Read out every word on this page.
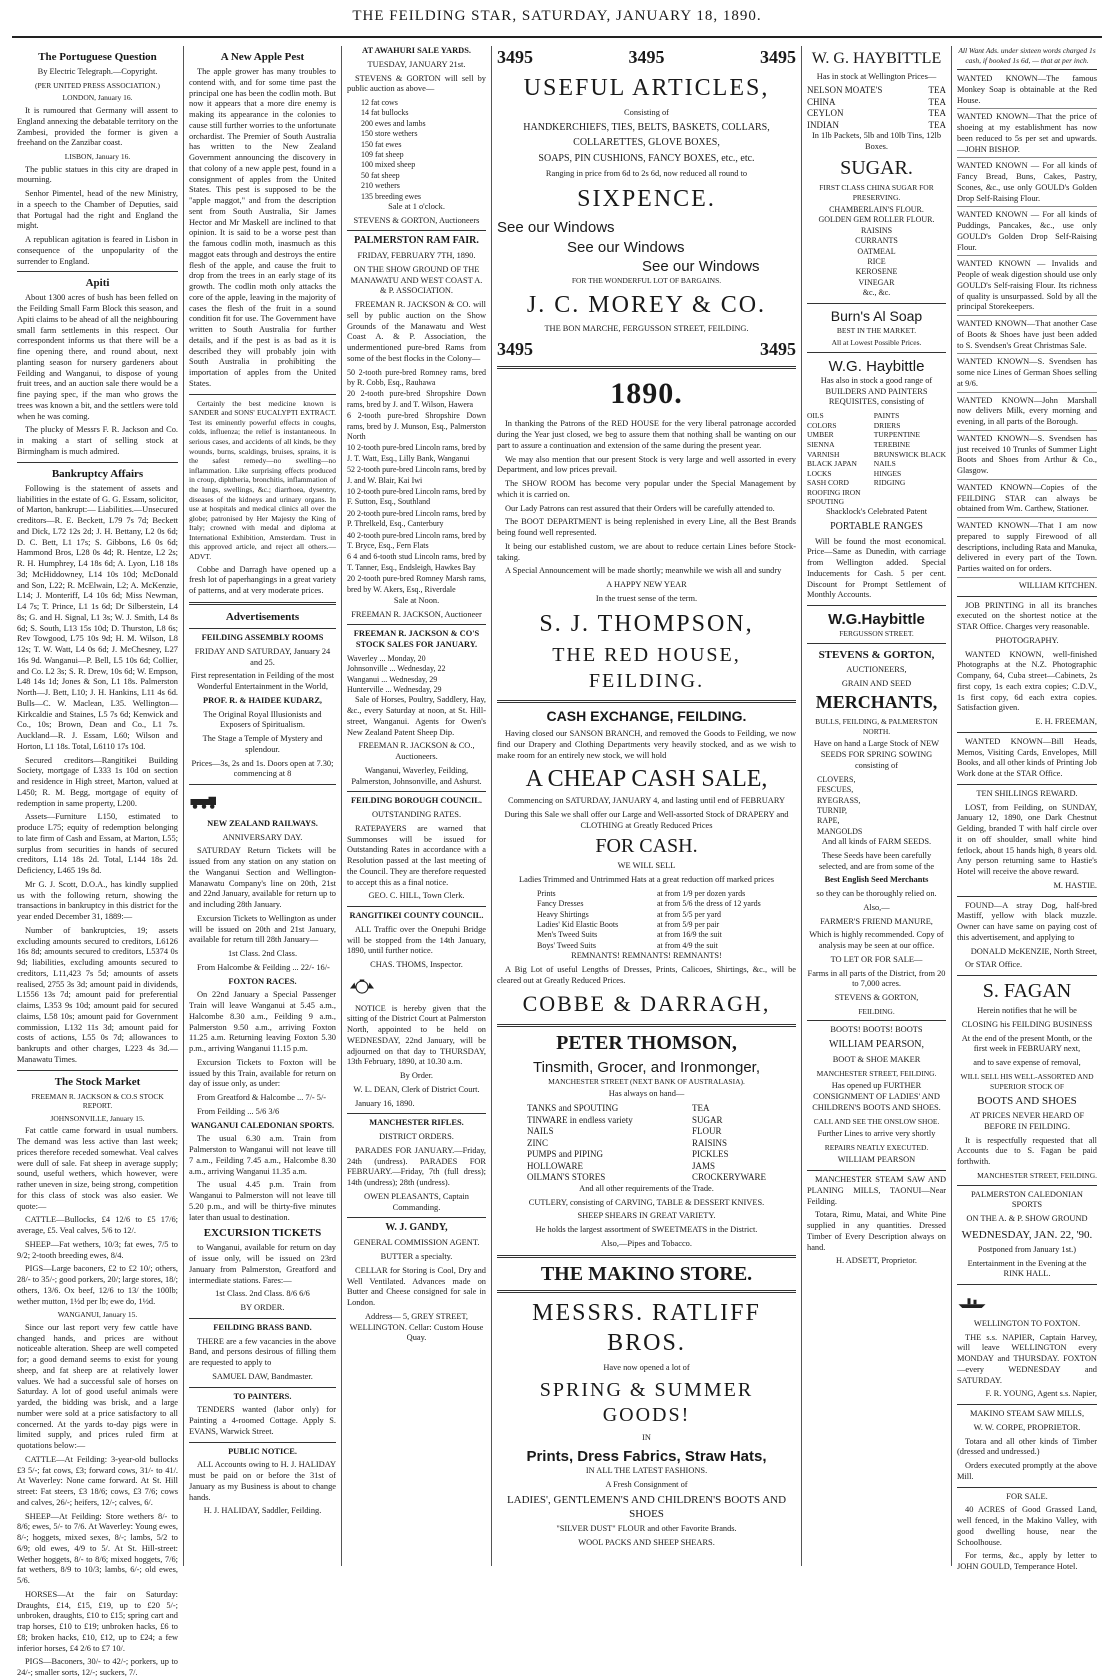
THE FEILDING STAR, SATURDAY, JANUARY 18, 1890.
The Portuguese Question

By Electric Telegraph.—Copyright.

(PER UNITED PRESS ASSOCIATION.)

LONDON, January 16.

It is rumoured that Germany will assent to England annexing the debatable territory on the Zambesi, provided the former is given a freehand on the Zanzibar coast.

LISBON, January 16.

The public statues in this city are draped in mourning.

Senhor Pimentel, head of the new Ministry, in a speech to the Chamber of Deputies, said that Portugal had the right and England the might.

A republican agitation is feared in Lisbon in consequence of the unpopularity of the surrender to England.

Apiti

About 1300 acres of bush has been felled on the Feilding Small Farm Block this season, and Apiti claims to be ahead of all the neighbouring small farm settlements in this respect. Our correspondent informs us that there will be a fine opening there, and round about, next planting season for nursery gardeners about Feilding and Wanganui, to dispose of young fruit trees, and an auction sale there would be a fine paying spec, if the man who grows the trees was known a bit, and the settlers were told when he was coming.

The plucky of Messrs F. R. Jackson and Co. in making a start of selling stock at Birmingham is much admired.

Bankruptcy Affairs

Following is the statement of assets and liabilities in the estate of G. G. Essam, solicitor, of Marton, bankrupt:— Liabilities.—Unsecured creditors—R. E. Beckett, L79 7s 7d; Beckett and Dick, L72 12s 2d; J. H. Bettany, L2 0s 6d; D. C. Bett, L1 17s; S. Gibbons, L6 0s 6d; Hammond Bros, L28 0s 4d; R. Hentze, L2 2s; R. H. Humphrey, L4 18s 6d; A. Lyon, L18 18s 3d; McHiddowney, L14 10s 10d; McDonald and Son, L22; R. McElwain, L2; A. McKenzie, L14; J. Monteriff, L4 10s 6d; Miss Newman, L4 7s; T. Prince, L1 1s 6d; Dr Silberstein, L4 8s; G. and H. Signal, L1 3s; W. J. Smith, L4 8s 6d; S. South, L13 15s 10d; D. Thurston, L8 6s; Rev Towgood, L75 10s 9d; H. M. Wilson, L8 12s; T. W. Watt, L4 0s 6d; J. McChesney, L27 16s 9d. Wanganui—P. Bell, L5 10s 6d; Collier, and Co. L2 3s; S. R. Drew, 10s 6d; W. Empson, L48 14s 1d; Jones & Son, L1 18s. Palmerston North—J. Bett, L10; J. H. Hankins, L11 4s 6d. Bulls—C. W. Maclean, L35. Wellington—Kirkcaldie and Staines, L5 7s 6d; Kenwick and Co., 10s; Brown, Dean and Co., L1 7s. Auckland—R. J. Essam, L60; Wilson and Horton, L1 18s. Total, L6110 17s 10d.

Secured creditors—Rangitikei Building Society, mortgage of L333 1s 10d on section and residence in High street, Marton, valued at L450; R. M. Begg, mortgage of equity of redemption in same property, L200.

Assets—Furniture L150, estimated to produce L75; equity of redemption belonging to late firm of Cash and Essam, at Marton, L55; surplus from securities in hands of secured creditors, L14 18s 2d. Total, L144 18s 2d. Deficiency, L465 19s 8d.

Mr G. J. Scott, D.O.A., has kindly supplied us with the following return, showing the transactions in bankruptcy in this district for the year ended December 31, 1889:—

Number of bankruptcies, 19; assets excluding amounts secured to creditors, L6126 16s 8d; amounts secured to creditors, L5374 0s 9d; liabilities, excluding amounts secured to creditors, L11,423 7s 5d; amounts of assets realised, 2755 3s 3d; amount paid in dividends, L1556 13s 7d; amount paid for preferential claims, L353 9s 10d; amount paid for secured claims, L58 10s; amount paid for Government commission, L132 11s 3d; amount paid for costs of actions, L55 0s 7d; allowances to bankrupts and other charges, L223 4s 3d.—Manawatu Times.

The Stock Market

FREEMAN R. JACKSON & CO.S STOCK REPORT.

JOHNSONVILLE, January 15.

Fat cattle came forward in usual numbers. The demand was less active than last week; prices therefore receded somewhat. Veal calves were dull of sale. Fat sheep in average supply; sound, useful wethers, which however, were rather uneven in size, being strong, competition for this class of stock was also easier. We quote:—

CATTLE—Bullocks, £4 12/6 to £5 17/6; average, £5. Veal calves, 5/6 to 12/.

SHEEP—Fat wethers, 10/3; fat ewes, 7/5 to 9/2; 2-tooth breeding ewes, 8/4.

PIGS—Large baconers, £2 to £2 10/; others, 28/- to 35/-; good porkers, 20/; large stores, 18/; others, 13/6. Ox beef, 12/6 to 13/ the 100lb; wether mutton, 1½d per lb; ewe do, 1½d.

WANGANUI, January 15.

Since our last report very few cattle have changed hands, and prices are without noticeable alteration. Sheep are well competed for; a good demand seems to exist for young sheep, and fat sheep are at relatively lower values. We had a successful sale of horses on Saturday. A lot of good useful animals were yarded, the bidding was brisk, and a large number were sold at a price satisfactory to all concerned. At the yards to-day pigs were in limited supply, and prices ruled firm at quotations below:—

CATTLE—At Feilding: 3-year-old bullocks £3 5/-; fat cows, £3; forward cows, 31/- to 41/. At Waverley: None came forward. At St. Hill street: Fat steers, £3 18/6; cows, £3 7/6; cows and calves, 26/-; heifers, 12/-; calves, 6/.

SHEEP—At Feilding: Store wethers 8/- to 8/6; ewes, 5/- to 7/6. At Waverley: Young ewes, 8/-; hoggets, mixed sexes, 8/-; lambs, 5/2 to 6/9; old ewes, 4/9 to 5/. At St. Hill-street: Wether hoggets, 8/- to 8/6; mixed hoggets, 7/6; fat wethers, 8/9 to 10/3; lambs, 6/-; old ewes, 5/6.

HORSES—At the fair on Saturday: Draughts, £14, £15, £19, up to £20 5/-; unbroken, draughts, £10 to £15; spring cart and trap horses, £10 to £19; unbroken hacks, £6 to £8; broken hacks, £10, £12, up to £24; a few inferior horses, £4 2/6 to £7 10/.

PIGS—Baconers, 30/- to 42/-; porkers, up to 24/-; smaller sorts, 12/-; suckers, 7/.

A New Apple Pest

The apple grower has many troubles to contend with, and for some time past the principal one has been the codlin moth. But now it appears that a more dire enemy is making its appearance in the colonies to cause still further worries to the unfortunate orchardist. The Premier of South Australia has written to the New Zealand Government announcing the discovery in that colony of a new apple pest, found in a consignment of apples from the United States. This pest is supposed to be the "apple maggot," and from the description sent from South Australia, Sir James Hector and Mr Maskell are inclined to that opinion. It is said to be a worse pest than the famous codlin moth, inasmuch as this maggot eats through and destroys the entire flesh of the apple, and cause the fruit to drop from the trees in an early stage of its growth. The codlin moth only attacks the core of the apple, leaving in the majority of cases the flesh of the fruit in a sound condition fit for use. The Government have written to South Australia for further details, and if the pest is as bad as it is described they will probably join with South Australia in prohibiting the importation of apples from the United States.

Certainly the best medicine known is SANDER and SONS' EUCALYPTI EXTRACT. Test its eminently powerful effects in coughs, colds, influenza; the relief is instantaneous. In serious cases, and accidents of all kinds, be they wounds, burns, scaldings, bruises, sprains, it is the safest remedy—no swelling—no inflammation. Like surprising effects produced in croup, diphtheria, bronchitis, inflammation of the lungs, swellings, &c.; diarrhoea, dysentry, diseases of the kidneys and urinary organs. In use at hospitals and medical clinics all over the globe; patronised by Her Majesty the King of Italy; crowned with medal and diploma at International Exhibition, Amsterdam. Trust in this approved article, and reject all others.—ADVT.

Cobbe and Darragh have opened up a fresh lot of paperhangings in a great variety of patterns, and at very moderate prices.

Advertisements

FEILDING ASSEMBLY ROOMS

FRIDAY AND SATURDAY, January 24 and 25.

First representation in Feilding of the most Wonderful Entertainment in the World,

PROF. R. & HAIDEE KUDARZ,

The Original Royal Illusionists and Exposers of Spiritualism.

The Stage a Temple of Mystery and splendour.

Prices—3s, 2s and 1s. Doors open at 7.30; commencing at 8

NEW ZEALAND RAILWAYS.

ANNIVERSARY DAY.

SATURDAY Return Tickets will be issued from any station on any station on the Wanganui Section and Wellington-Manawatu Company's line on 20th, 21st and 22nd January, available for return up to and including 28th January.

Excursion Tickets to Wellington as under will be issued on 20th and 21st January, available for return till 28th January—

1st Class. 2nd Class.

From Halcombe & Feilding ... 22/- 16/-

FOXTON RACES.

On 22nd January a Special Passenger Train will leave Wanganui at 5.45 a.m., Halcombe 8.30 a.m., Feilding 9 a.m., Palmerston 9.50 a.m., arriving Foxton 11.25 a.m. Returning leaving Foxton 5.30 p.m., arriving Wanganui 11.15 p.m.

Excursion Tickets to Foxton will be issued by this Train, available for return on day of issue only, as under:

From Greatford & Halcombe ... 7/- 5/-

From Feilding ... 5/6 3/6

WANGANUI CALEDONIAN SPORTS.

The usual 6.30 a.m. Train from Palmerston to Wanganui will not leave till 7 a.m., Feilding 7.45 a.m., Halcombe 8.30 a.m., arriving Wanganui 11.35 a.m.

The usual 4.45 p.m. Train from Wanganui to Palmerston will not leave till 5.20 p.m., and will be thirty-five minutes later than usual to destination.

EXCURSION TICKETS

to Wanganui, available for return on day of issue only, will be issued on 23rd January from Palmerston, Greatford and intermediate stations. Fares:—

1st Class. 2nd Class. 8/6 6/6

BY ORDER.

FEILDING BRASS BAND.

THERE are a few vacancies in the above Band, and persons desirous of filling them are requested to apply to

SAMUEL DAW, Bandmaster.

TO PAINTERS.

TENDERS wanted (labor only) for Painting a 4-roomed Cottage. Apply S. EVANS, Warwick Street.

PUBLIC NOTICE.

ALL Accounts owing to H. J. HALIDAY must be paid on or before the 31st of January as my Business is about to change hands.

H. J. HALIDAY, Saddler, Feilding.

AT AWAHURI SALE YARDS.

TUESDAY, JANUARY 21st.

STEVENS & GORTON will sell by public auction as above—

12 fat cows
14 fat bullocks
200 ewes and lambs
150 store wethers
150 fat ewes
109 fat sheep
100 mixed sheep
50 fat sheep
210 wethers
135 breeding ewes

Sale at 1 o'clock.

STEVENS & GORTON, Auctioneers

PALMERSTON RAM FAIR.

FRIDAY, FEBRUARY 7TH, 1890.

ON THE SHOW GROUND OF THE MANAWATU AND WEST COAST A. & P. ASSOCIATION.

FREEMAN R. JACKSON & CO. will sell by public auction on the Show Grounds of the Manawatu and West Coast A. & P. Association, the undermentioned pure-bred Rams from some of the best flocks in the Colony—

50 2-tooth pure-bred Romney rams, bred by R. Cobb, Esq., Rauhawa
20 2-tooth pure-bred Shropshire Down rams, bred by J. and T. Wilson, Hawera
6 2-tooth pure-bred Shropshire Down rams, bred by J. Munson, Esq., Palmerston North
10 2-tooth pure-bred Lincoln rams, bred by J. T. Watt, Esq., Lilly Bank, Wanganui
52 2-tooth pure-bred Lincoln rams, bred by J. and W. Blair, Kai Iwi
10 2-tooth pure-bred Lincoln rams, bred by F. Sutton, Esq., Southland
20 2-tooth pure-bred Lincoln rams, bred by P. Threlkeld, Esq., Canterbury
40 2-tooth pure-bred Lincoln rams, bred by T. Bryce, Esq., Fern Flats
6 4 and 6-tooth stud Lincoln rams, bred by T. Tanner, Esq., Endsleigh, Hawkes Bay
20 2-tooth pure-bred Romney Marsh rams, bred by W. Akers, Esq., Riverdale

Sale at Noon.

FREEMAN R. JACKSON, Auctioneer

FREEMAN R. JACKSON & CO'S STOCK SALES FOR JANUARY.

Waverley ... Monday, 20
Johnsonville ... Wednesday, 22
Wanganui ... Wednesday, 29
Hunterville ... Wednesday, 29

Sale of Horses, Poultry, Saddlery, Hay, &c., every Saturday at noon, at St. Hill-street, Wanganui. Agents for Owen's New Zealand Patent Sheep Dip.

FREEMAN R. JACKSON & CO., Auctioneers.

Wanganui, Waverley, Feilding, Palmerston, Johnsonville, and Ashurst.

FEILDING BOROUGH COUNCIL.

OUTSTANDING RATES.

RATEPAYERS are warned that Summonses will be issued for Outstanding Rates in accordance with a Resolution passed at the last meeting of the Council. They are therefore requested to accept this as a final notice.

GEO. C. HILL, Town Clerk.

RANGITIKEI COUNTY COUNCIL.

ALL Traffic over the Onepuhi Bridge will be stopped from the 14th January, 1890, until further notice.

CHAS. THOMS, Inspector.

NOTICE is hereby given that the sitting of the District Court at Palmerston North, appointed to be held on WEDNESDAY, 22nd January, will be adjourned on that day to THURSDAY, 13th February, 1890, at 10.30 a.m.

By Order.

W. L. DEAN, Clerk of District Court.

January 16, 1890.

MANCHESTER RIFLES.

DISTRICT ORDERS.

PARADES FOR JANUARY.—Friday, 24th (undress). PARADES FOR FEBRUARY.—Friday, 7th (full dress); 14th (undress); 28th (undress).

OWEN PLEASANTS, Captain Commanding.

W. J. GANDY,

GENERAL COMMISSION AGENT.

BUTTER a specialty.

CELLAR for Storing is Cool, Dry and Well Ventilated. Advances made on Butter and Cheese consigned for sale in London.

Address— 5, GREY STREET, WELLINGTON. Cellar: Custom House Quay.

3495	3495	3495
USEFUL ARTICLES,

Consisting of

HANDKERCHIEFS, TIES, BELTS, BASKETS, COLLARS,

COLLARETTES, GLOVE BOXES,

SOAPS, PIN CUSHIONS, FANCY BOXES, etc., etc.

Ranging in price from 6d to 2s 6d, now reduced all round to

SIXPENCE.
See our Windows
See our Windows
See our Windows

FOR THE WONDERFUL LOT OF BARGAINS.

J. C. MOREY & CO.

THE BON MARCHE, FERGUSSON STREET, FEILDING.

3495	3495
1890.

In thanking the Patrons of the RED HOUSE for the very liberal patronage accorded during the Year just closed, we beg to assure them that nothing shall be wanting on our part to assure a continuation and extension of the same during the present year.

We may also mention that our present Stock is very large and well assorted in every Department, and low prices prevail.

The SHOW ROOM has become very popular under the Special Management by which it is carried on.

Our Lady Patrons can rest assured that their Orders will be carefully attended to.

The BOOT DEPARTMENT is being replenished in every Line, all the Best Brands being found well represented.

It being our established custom, we are about to reduce certain Lines before Stock-taking.

A Special Announcement will be made shortly; meanwhile we wish all and sundry

A HAPPY NEW YEAR

In the truest sense of the term.

S. J. THOMPSON,
THE RED HOUSE, FEILDING.
CASH EXCHANGE, FEILDING.

Having closed our SANSON BRANCH, and removed the Goods to Feilding, we now find our Drapery and Clothing Departments very heavily stocked, and as we wish to make room for an entirely new stock, we will hold

A CHEAP CASH SALE,

Commencing on SATURDAY, JANUARY 4, and lasting until end of FEBRUARY

During this Sale we shall offer our Large and Well-assorted Stock of DRAPERY and CLOTHING at Greatly Reduced Prices

FOR CASH.

WE WILL SELL

Ladies Trimmed and Untrimmed Hats at a great reduction off marked prices

Prints	at from 1/9 per dozen yards
Fancy Dresses	at from 5/6 the dress of 12 yards
Heavy Shirtings	at from 5/5 per yard
Ladies' Kid Elastic Boots	at from 5/9 per pair
Men's Tweed Suits	at from 16/9 the suit
Boys' Tweed Suits	at from 4/9 the suit

REMNANTS! REMNANTS! REMNANTS!

A Big Lot of useful Lengths of Dresses, Prints, Calicoes, Shirtings, &c., will be cleared out at Greatly Reduced Prices.

COBBE & DARRAGH,
PETER THOMSON,
Tinsmith, Grocer, and Ironmonger,

MANCHESTER STREET (NEXT BANK OF AUSTRALASIA).

Has always on hand—

TANKS and SPOUTING
TINWARE in endless variety
NAILS
ZINC
PUMPS and PIPING
HOLLOWARE
OILMAN'S STORES
TEA
SUGAR
FLOUR
RAISINS
PICKLES
JAMS
CROCKERYWARE

And all other requirements of the Trade.

CUTLERY, consisting of CARVING, TABLE & DESSERT KNIVES.

SHEEP SHEARS IN GREAT VARIETY.

He holds the largest assortment of SWEETMEATS in the District.

Also,—Pipes and Tobacco.

THE MAKINO STORE.
MESSRS. RATLIFF BROS.

Have now opened a lot of

SPRING & SUMMER GOODS!

IN

Prints, Dress Fabrics, Straw Hats,

IN ALL THE LATEST FASHIONS.

A Fresh Consignment of

LADIES', GENTLEMEN'S AND CHILDREN'S BOOTS AND SHOES

"SILVER DUST" FLOUR and other Favorite Brands.

WOOL PACKS AND SHEEP SHEARS.

W. G. HAYBITTLE

Has in stock at Wellington Prices—

NELSON MOATE'S	TEA
CHINA	TEA
CEYLON	TEA
INDIAN	TEA

In 1lb Packets, 5lb and 10lb Tins, 12lb Boxes.

SUGAR.

FIRST CLASS CHINA SUGAR FOR PRESERVING.

CHAMBERLAIN'S FLOUR.
GOLDEN GEM ROLLER FLOUR.
RAISINS
CURRANTS
OATMEAL
RICE
KEROSENE
VINEGAR
&c., &c.
Burn's Al Soap

BEST IN THE MARKET.

All at Lowest Possible Prices.

W.G. Haybittle

Has also in stock a good range of BUILDERS AND PAINTERS REQUISITES, consisting of

OILS
COLORS
UMBER
SIENNA
VARNISH
BLACK JAPAN
LOCKS
SASH CORD
ROOFING IRON
SPOUTING
PAINTS
DRIERS
TURPENTINE
TEREBINE
BRUNSWICK BLACK
NAILS
HINGES
RIDGING

Shacklock's Celebrated Patent

PORTABLE RANGES

Will be found the most economical. Price—Same as Dunedin, with carriage from Wellington added. Special Inducements for Cash. 5 per cent. Discount for Prompt Settlement of Monthly Accounts.

W.G.Haybittle

FERGUSSON STREET.

STEVENS & GORTON,

AUCTIONEERS,

GRAIN AND SEED

MERCHANTS,

BULLS, FEILDING, & PALMERSTON NORTH.

Have on hand a Large Stock of NEW SEEDS FOR SPRING SOWING consisting of

CLOVERS,
FESCUES,
RYEGRASS,
TURNIP,
RAPE,
MANGOLDS

And all kinds of FARM SEEDS.

These Seeds have been carefully selected, and are from some of the

Best English Seed Merchants

so they can be thoroughly relied on.

Also,—

FARMER'S FRIEND MANURE,

Which is highly recommended. Copy of analysis may be seen at our office.

TO LET OR FOR SALE—

Farms in all parts of the District, from 20 to 7,000 acres.

STEVENS & GORTON,

FEILDING.

BOOTS! BOOTS! BOOTS

WILLIAM PEARSON,

BOOT & SHOE MAKER

MANCHESTER STREET, FEILDING.

Has opened up FURTHER CONSIGNMENT OF LADIES' AND CHILDREN'S BOOTS AND SHOES.

CALL AND SEE THE ONSLOW SHOE.

Further Lines to arrive very shortly

REPAIRS NEATLY EXECUTED.

WILLIAM PEARSON

MANCHESTER STEAM SAW AND PLANING MILLS, TAONUI—Near Feilding.

Totara, Rimu, Matai, and White Pine supplied in any quantities. Dressed Timber of Every Description always on hand.

H. ADSETT, Proprietor.

All Want Ads. under sixteen words charged 1s cash, if booked 1s 6d, — that at per inch.

WANTED KNOWN—The famous Monkey Soap is obtainable at the Red House.
WANTED KNOWN—That the price of shoeing at my establishment has now been reduced to 5s per set and upwards.—JOHN BISHOP.
WANTED KNOWN — For all kinds of Fancy Bread, Buns, Cakes, Pastry, Scones, &c., use only GOULD's Golden Drop Self-Raising Flour.
WANTED KNOWN — For all kinds of Puddings, Pancakes, &c., use only GOULD's Golden Drop Self-Raising Flour.
WANTED KNOWN — Invalids and People of weak digestion should use only GOULD's Self-raising Flour. Its richness of quality is unsurpassed. Sold by all the principal Storekeepers.
WANTED KNOWN—That another Case of Boots & Shoes have just been added to S. Svendsen's Great Christmas Sale.
WANTED KNOWN—S. Svendsen has some nice Lines of German Shoes selling at 9/6.
WANTED KNOWN—John Marshall now delivers Milk, every morning and evening, in all parts of the Borough.
WANTED KNOWN—S. Svendsen has just received 10 Trunks of Summer Light Boots and Shoes from Arthur & Co., Glasgow.
WANTED KNOWN—Copies of the FEILDING STAR can always be obtained from Wm. Carthew, Stationer.
WANTED KNOWN—That I am now prepared to supply Firewood of all descriptions, including Rata and Manuka, delivered in every part of the Town. Parties waited on for orders.

WILLIAM KITCHEN.

JOB PRINTING in all its branches executed on the shortest notice at the STAR Office. Charges very reasonable.

PHOTOGRAPHY.

WANTED KNOWN, well-finished Photographs at the N.Z. Photographic Company, 64, Cuba street—Cabinets, 2s first copy, 1s each extra copies; C.D.V., 1s first copy, 6d each extra copies. Satisfaction given.

E. H. FREEMAN,

WANTED KNOWN—Bill Heads, Memos, Visiting Cards, Envelopes, Mill Books, and all other kinds of Printing Job Work done at the STAR Office.

TEN SHILLINGS REWARD.

LOST, from Feilding, on SUNDAY, January 12, 1890, one Dark Chestnut Gelding, branded T with half circle over it on off shoulder, small white hind fetlock, about 15 hands high, 8 years old. Any person returning same to Hastie's Hotel will receive the above reward.

M. HASTIE.

FOUND—A stray Dog, half-bred Mastiff, yellow with black muzzle. Owner can have same on paying cost of this advertisement, and applying to

DONALD McKENZIE, North Street,

Or STAR Office.

S. FAGAN

Herein notifies that he will be

CLOSING his FEILDING BUSINESS

At the end of the present Month, or the first week in FEBRUARY next,

and to save expense of removal,

WILL SELL HIS WELL-ASSORTED AND SUPERIOR STOCK OF

BOOTS AND SHOES

AT PRICES NEVER HEARD OF BEFORE IN FEILDING.

It is respectfully requested that all Accounts due to S. Fagan be paid forthwith.

MANCHESTER STREET, FEILDING.

PALMERSTON CALEDONIAN SPORTS

ON THE A. & P. SHOW GROUND

WEDNESDAY, JAN. 22, '90.

Postponed from January 1st.)

Entertainment in the Evening at the RINK HALL.

WELLINGTON TO FOXTON.

THE s.s. NAPIER, Captain Harvey, will leave WELLINGTON every MONDAY and THURSDAY. FOXTON—every WEDNESDAY and SATURDAY.

F. R. YOUNG, Agent s.s. Napier,

MAKINO STEAM SAW MILLS,

W. W. CORPE, PROPRIETOR.

Totara and all other kinds of Timber (dressed and undressed.)

Orders executed promptly at the above Mill.

FOR SALE.

40 ACRES of Good Grassed Land, well fenced, in the Makino Valley, with good dwelling house, near the Schoolhouse.

For terms, &c., apply by letter to JOHN GOULD, Temperance Hotel.
